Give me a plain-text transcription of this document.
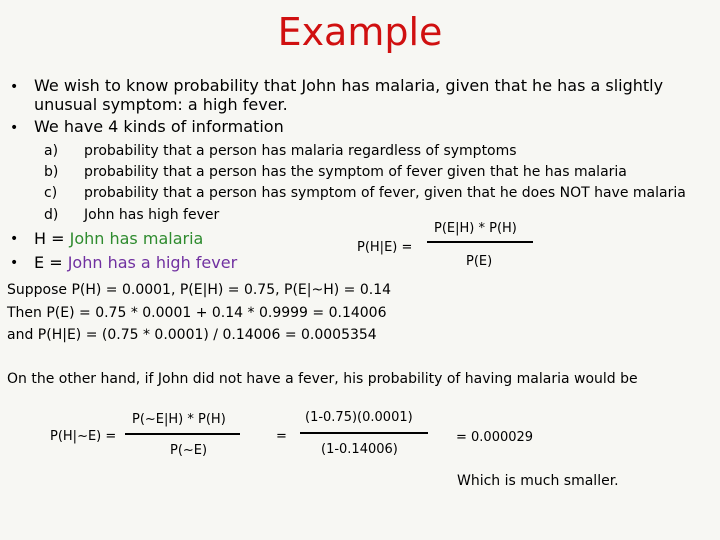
Example
• We wish to know probability that John has malaria, given that he has a slightly
unusual symptom: a high fever.
• We have 4 kinds of information
a) probability that a person has malaria regardless of symptoms
b) probability that a person has the symptom of fever given that he has malaria
c) probability that a person has symptom of fever, given that he does NOT have malaria
d) John has high fever
• H = John has malaria
• E = John has a high fever
P(E|H) * P(H)
P(H|E) =
P(E)
Suppose P(H) = 0.0001, P(E|H) = 0.75, P(E|~H) = 0.14
Then P(E) = 0.75 * 0.0001 + 0.14 * 0.9999 = 0.14006
and P(H|E) = (0.75 * 0.0001) / 0.14006 = 0.0005354
On the other hand, if John did not have a fever, his probability of having malaria would be
P(~E|H) * P(H)
P(H|~E) =
P(~E)
=
(1-0.75)(0.0001)
(1-0.14006)
= 0.000029
Which is much smaller.
